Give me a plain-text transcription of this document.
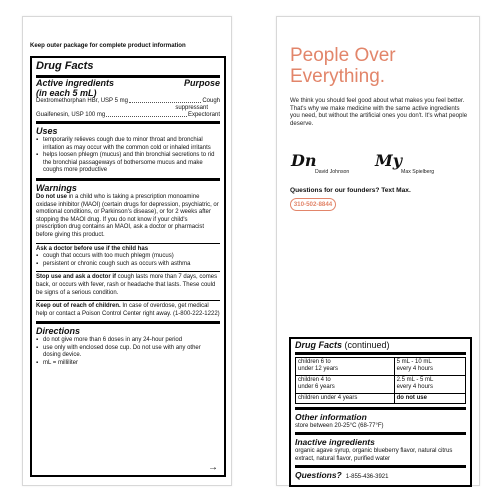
Keep outer package for complete product information
Drug Facts
Active ingredients
(in each 5 mL)
Purpose
Dextromethorphan HBr, USP 5 mg	Cough
suppressant
Guaifenesin, USP 100 mg	Expectorant
Uses
▪ temporarily relieves cough due to minor throat and bronchial irritation as may occur with the common cold or inhaled irritants
▪ helps loosen phlegm (mucus) and thin bronchial secretions to rid the bronchial passageways of bothersome mucus and make coughs more productive
Warnings
Do not use in a child who is taking a prescription monoamine oxidase inhibitor (MAOI) (certain drugs for depression, psychiatric, or emotional conditions, or Parkinson's disease), or for 2 weeks after stopping the MAOI drug. If you do not know if your child's prescription drug contains an MAOI, ask a doctor or pharmacist before giving this product.
Ask a doctor before use if the child has
▪ cough that occurs with too much phlegm (mucus)
▪ persistent or chronic cough such as occurs with asthma
Stop use and ask a doctor if cough lasts more than 7 days, comes back, or occurs with fever, rash or headache that lasts. These could be signs of a serious condition.
Keep out of reach of children. In case of overdose, get medical help or contact a Poison Control Center right away. (1-800-222-1222)
Directions
▪ do not give more than 6 doses in any 24-hour period
▪ use only with enclosed dose cup. Do not use with any other dosing device.
▪ mL = milliliter
→
People Over
Everything.
We think you should feel good about what makes you feel better. That's why we make medicine with the same active ingredients you need, but without the artificial ones you don't. It's what people deserve.
Dn
David Johnson
My
Max Spielberg
Questions for our founders? Text Max.
310-502-8844
Drug Facts (continued)
children 6 to
under 12 years	5 mL - 10 mL
every 4 hours
children 4 to
under 6 years	2.5 mL - 5 mL
every 4 hours
children under 4 years	do not use
Other information
store between 20-25°C (68-77°F)
Inactive ingredients
organic agave syrup, organic blueberry flavor, natural citrus extract, natural flavor, purified water
Questions? 1-855-436-3921
